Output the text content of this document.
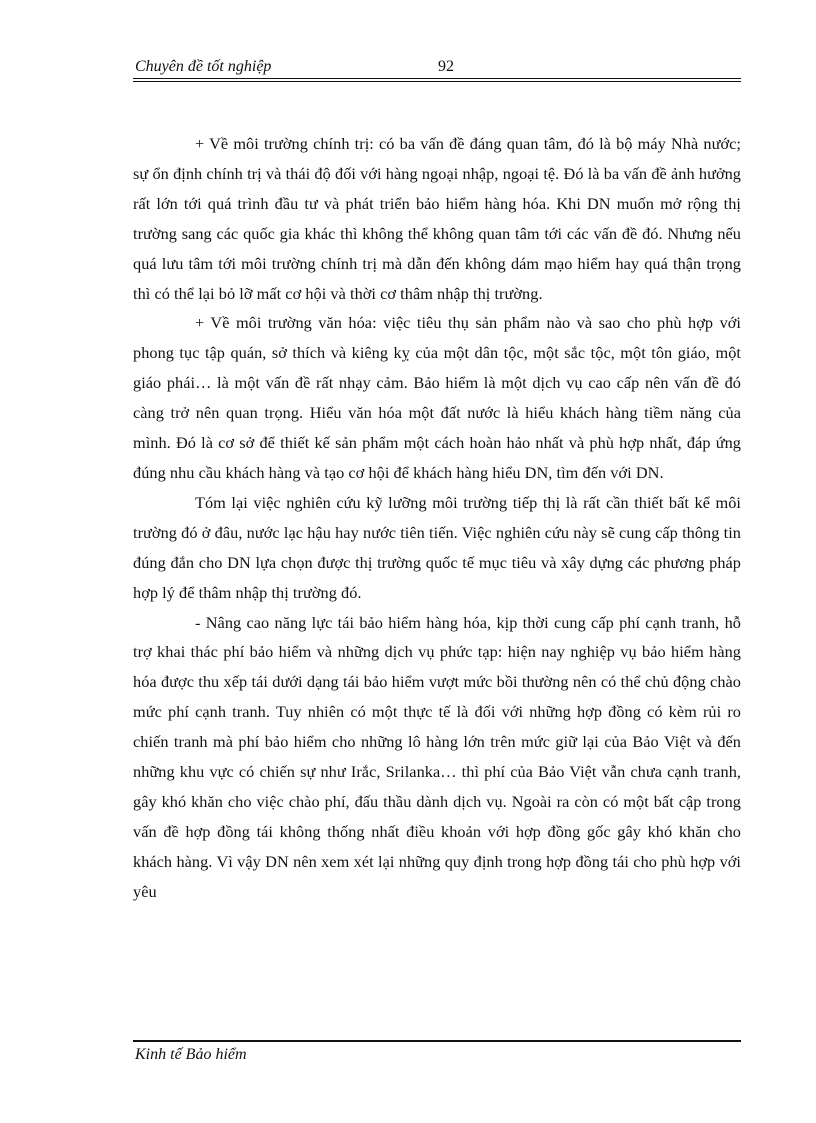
Chuyên đề tốt nghiệp	92

+ Về môi trường chính trị: có ba vấn đề đáng quan tâm, đó là bộ máy Nhà nước; sự ổn định chính trị và thái độ đối với hàng ngoại nhập, ngoại tệ. Đó là ba vấn đề ảnh hưởng rất lớn tới quá trình đầu tư và phát triển bảo hiểm hàng hóa. Khi DN muốn mở rộng thị trường sang các quốc gia khác thì không thể không quan tâm tới các vấn đề đó. Nhưng nếu quá lưu tâm tới môi trường chính trị mà dẫn đến không dám mạo hiểm hay quá thận trọng thì có thể lại bỏ lỡ mất cơ hội và thời cơ thâm nhập thị trường.

+ Về môi trường văn hóa: việc tiêu thụ sản phẩm nào và sao cho phù hợp với phong tục tập quán, sở thích và kiêng kỵ của một dân tộc, một sắc tộc, một tôn giáo, một giáo phái… là một vấn đề rất nhạy cảm. Bảo hiểm là một dịch vụ cao cấp nên vấn đề đó càng trở nên quan trọng. Hiểu văn hóa một đất nước là hiểu khách hàng tiềm năng của mình. Đó là cơ sở để thiết kế sản phẩm một cách hoàn hảo nhất và phù hợp nhất, đáp ứng đúng nhu cầu khách hàng và tạo cơ hội để khách hàng hiểu DN, tìm đến với DN.

Tóm lại việc nghiên cứu kỹ lưỡng môi trường tiếp thị là rất cần thiết bất kể môi trường đó ở đâu, nước lạc hậu hay nước tiên tiến. Việc nghiên cứu này sẽ cung cấp thông tin đúng đắn cho DN lựa chọn được thị trường quốc tế mục tiêu và xây dựng các phương pháp hợp lý để thâm nhập thị trường đó.

- Nâng cao năng lực tái bảo hiểm hàng hóa, kịp thời cung cấp phí cạnh tranh, hỗ trợ khai thác phí bảo hiểm và những dịch vụ phức tạp: hiện nay nghiệp vụ bảo hiểm hàng hóa được thu xếp tái dưới dạng tái bảo hiểm vượt mức bồi thường nên có thể chủ động chào mức phí cạnh tranh. Tuy nhiên có một thực tế là đối với những hợp đồng có kèm rủi ro chiến tranh mà phí bảo hiểm cho những lô hàng lớn trên mức giữ lại của Bảo Việt và đến những khu vực có chiến sự như Irắc, Srilanka… thì phí của Bảo Việt vẫn chưa cạnh tranh, gây khó khăn cho việc chào phí, đấu thầu dành dịch vụ. Ngoài ra còn có một bất cập trong vấn đề hợp đồng tái không thống nhất điều khoản với hợp đồng gốc gây khó khăn cho khách hàng. Vì vậy DN nên xem xét lại những quy định trong hợp đồng tái cho phù hợp với yêu

Kinh tế Bảo hiểm
